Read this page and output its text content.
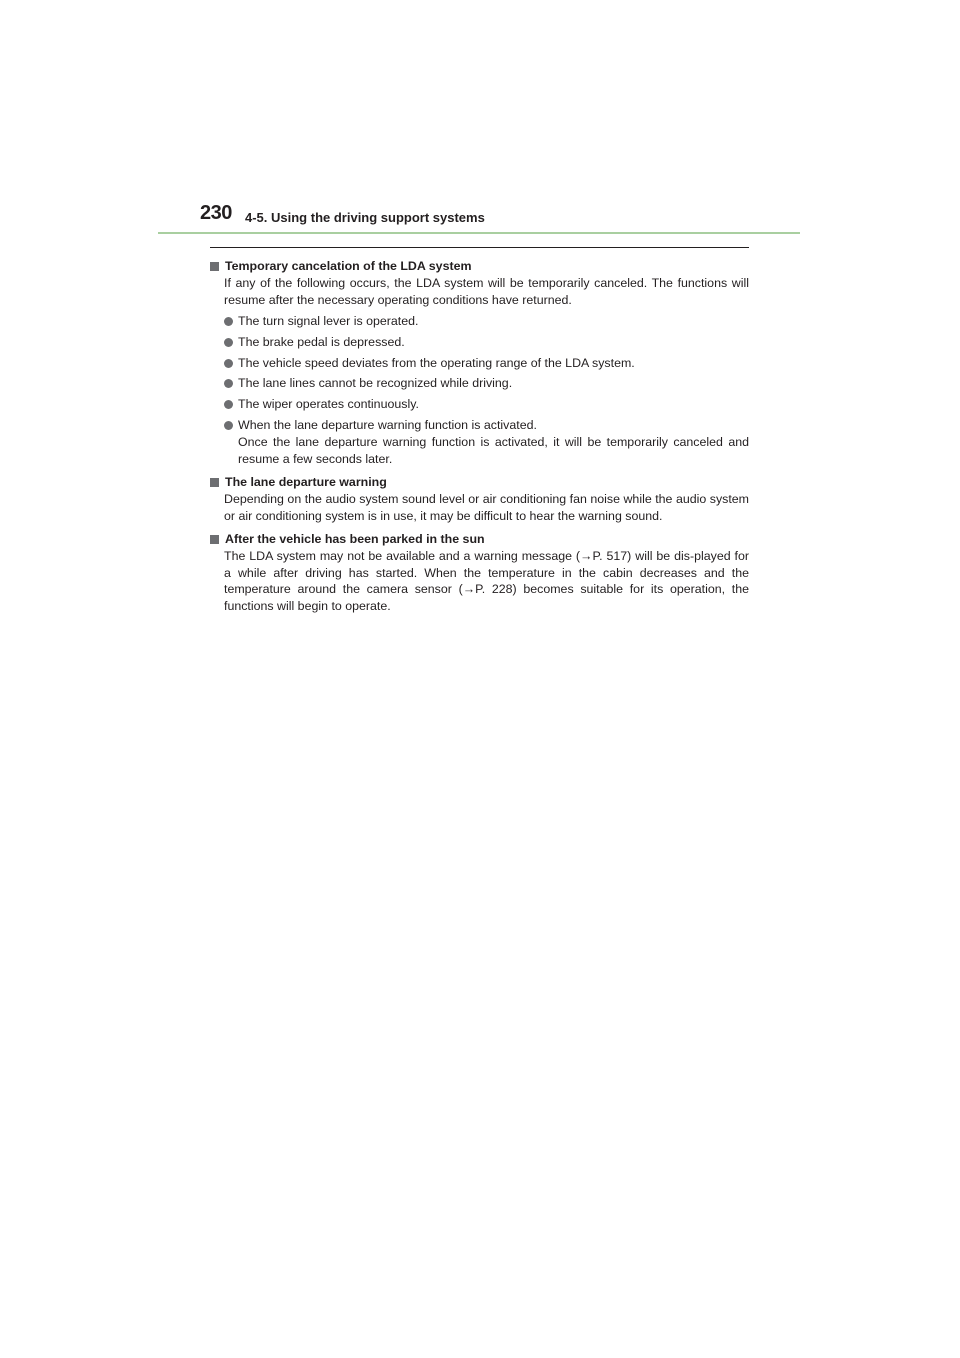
230 4-5. Using the driving support systems
Temporary cancelation of the LDA system
If any of the following occurs, the LDA system will be temporarily canceled. The functions will resume after the necessary operating conditions have returned.
The turn signal lever is operated.
The brake pedal is depressed.
The vehicle speed deviates from the operating range of the LDA system.
The lane lines cannot be recognized while driving.
The wiper operates continuously.
When the lane departure warning function is activated.
Once the lane departure warning function is activated, it will be temporarily canceled and resume a few seconds later.
The lane departure warning
Depending on the audio system sound level or air conditioning fan noise while the audio system or air conditioning system is in use, it may be difficult to hear the warning sound.
After the vehicle has been parked in the sun
The LDA system may not be available and a warning message (→P. 517) will be dis-played for a while after driving has started. When the temperature in the cabin decreases and the temperature around the camera sensor (→P. 228) becomes suitable for its operation, the functions will begin to operate.
